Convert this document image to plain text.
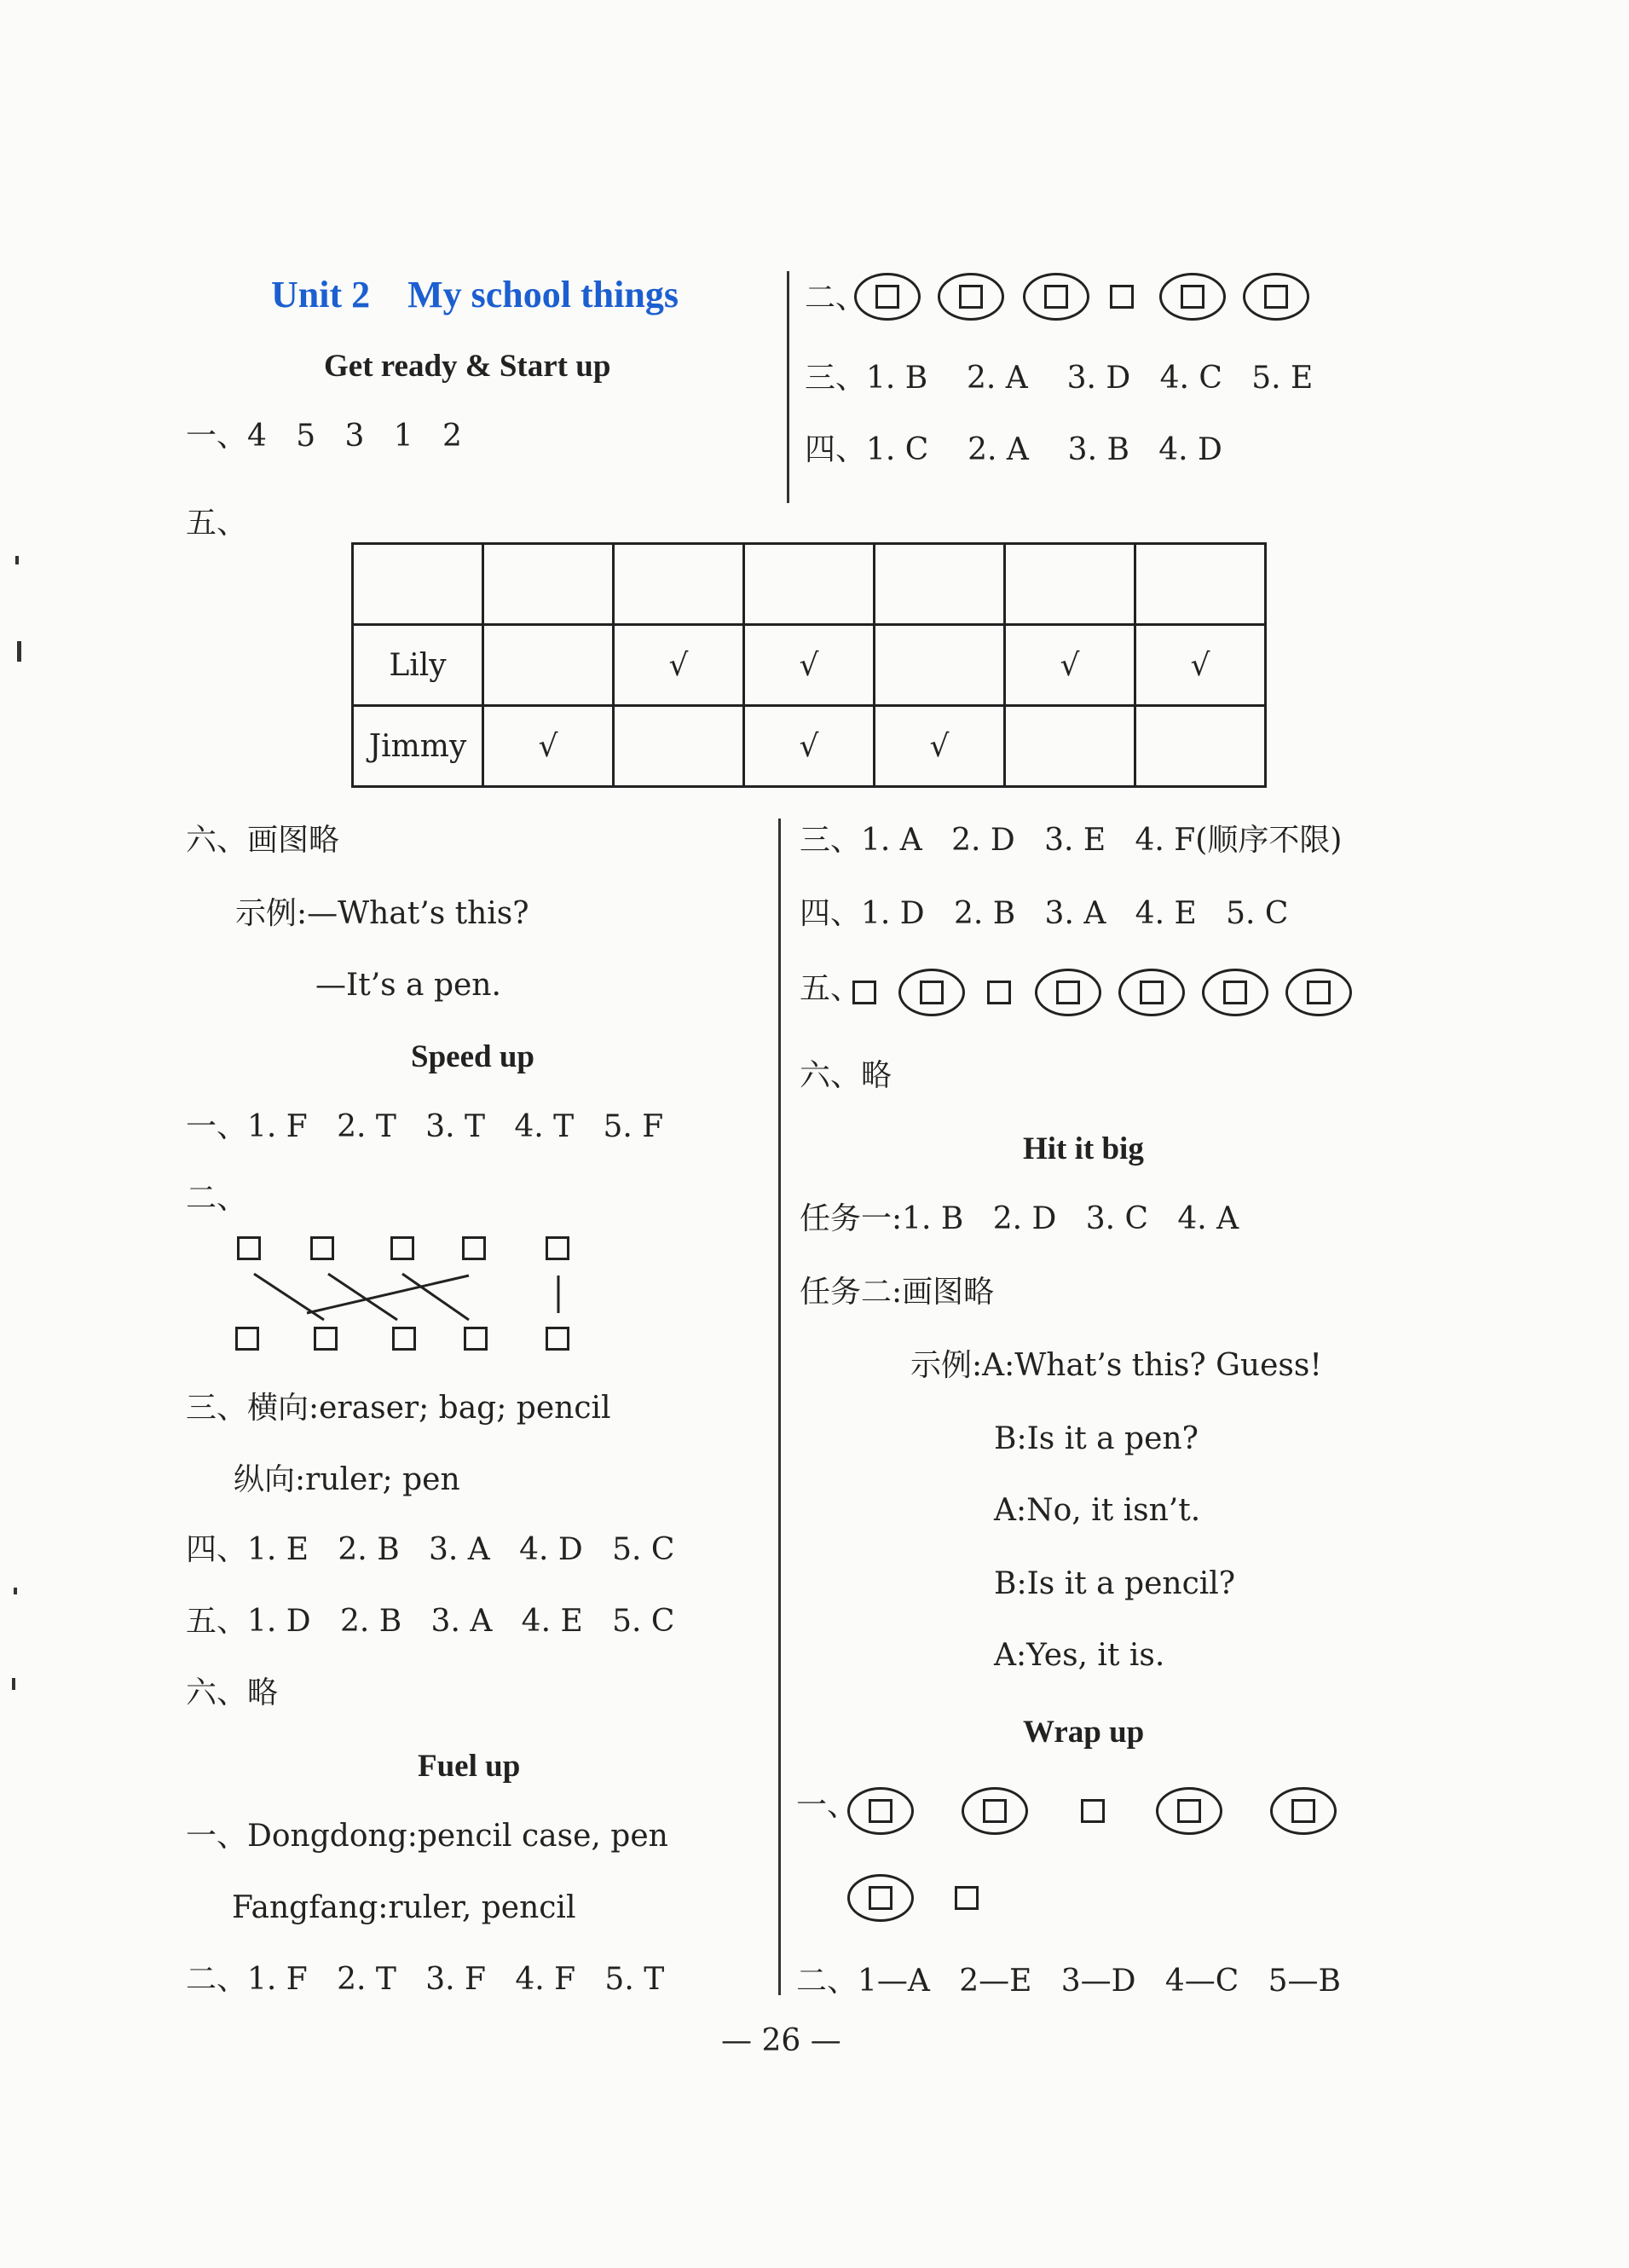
Unit 2    My school things
Get ready & Start up
一、4   5   3   1   2
二、
三、1. B    2. A    3. D   4. C   5. E
四、1. C    2. A    3. B   4. D
五、

Lily		√	√		√	√
Jimmy	√		√	√		
六、画图略
示例:—What’s this?
—It’s a pen.
Speed up
一、1. F   2. T   3. T   4. T   5. F
二、
三、横向:eraser; bag; pencil
纵向:ruler; pen
四、1. E   2. B   3. A   4. D   5. C
五、1. D   2. B   3. A   4. E   5. C
六、略
Fuel up
一、Dongdong:pencil case, pen
Fangfang:ruler, pencil
二、1. F   2. T   3. F   4. F   5. T
三、1. A   2. D   3. E   4. F(顺序不限)
四、1. D   2. B   3. A   4. E   5. C
五、
六、略
Hit it big
任务一:1. B   2. D   3. C   4. A
任务二:画图略
示例:A:What’s this? Guess!
B:Is it a pen?
A:No, it isn’t.
B:Is it a pencil?
A:Yes, it is.
Wrap up
一、
二、1—A   2—E   3—D   4—C   5—B
— 26 —
